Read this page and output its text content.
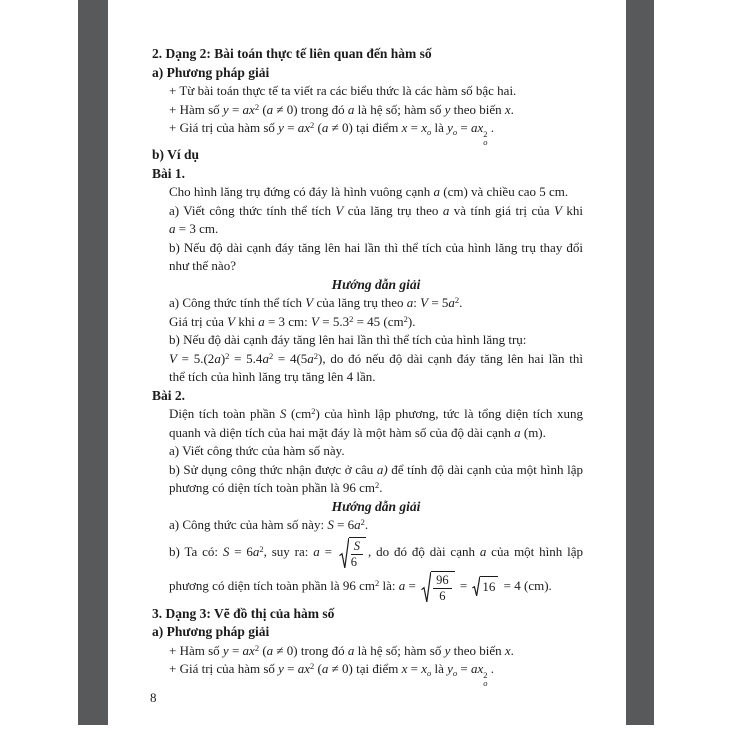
2. Dạng 2: Bài toán thực tế liên quan đến hàm số
a) Phương pháp giải
+ Từ bài toán thực tế ta viết ra các biểu thức là các hàm số bậc hai.
+ Hàm số $y = ax^2$ (a ≠ 0) trong đó a là hệ số; hàm số y theo biến x.
+ Giá trị của hàm số $y = ax^2$ (a ≠ 0) tại điểm $x = x_o$ là $y_o$ = ax 2
o
.
b) Ví dụ
Bài 1.
Cho hình lăng trụ đứng có đáy là hình vuông cạnh a (cm) và chiều cao 5 cm.
a) Viết công thức tính thể tích V của lăng trụ theo a và tính giá trị của V khi
a = 3 cm.
b) Nếu độ dài cạnh đáy tăng lên hai lần thì thể tích của hình lăng trụ thay đổi
như thế nào?
Hướng dẫn giải
a) Công thức tính thể tích V của lăng trụ theo a: $V = 5a^2$.
Giá trị của V khi a = 3 cm: $V = 5.3^2 = 45$ $(cm^2)$.
b) Nếu độ dài cạnh đáy tăng lên hai lần thì thể tích của hình lăng trụ:
$V = 5.(2a)^2 = 5.4a^2 = 4(5a^2)$, do đó nếu độ dài cạnh đáy tăng lên hai lần thì
thể tích của hình lăng trụ tăng lên 4 lần.
Bài 2.
Diện tích toàn phần S $(cm^2)$ của hình lập phương, tức là tổng diện tích xung
quanh và diện tích của hai mặt đáy là một hàm số của độ dài cạnh a (m).
a) Viết công thức của hàm số này.
b) Sử dụng công thức nhận được ở câu a) để tính độ dài cạnh của một hình lập
phương có diện tích toàn phần là 96 $cm^2$.
Hướng dẫn giải
a) Công thức của hàm số này: $S = 6a^2$.
b) Ta có: $S = 6a^2$, suy ra: $a = \frac{S}{6}$ , do đó độ dài cạnh a của một hình lập
phương có diện tích toàn phần là 96 $cm^2$ là: $a = \frac{96}{6} = 16 = 4$ (cm).
3. Dạng 3: Vẽ đồ thị của hàm số
a) Phương pháp giải
+ Hàm số $y = ax^2$ (a ≠ 0) trong đó a là hệ số; hàm số y theo biến x.
+ Giá trị của hàm số $y = ax^2$ (a ≠ 0) tại điểm $x = x_o$ là $y_o$ = ax 2
o
.
8
